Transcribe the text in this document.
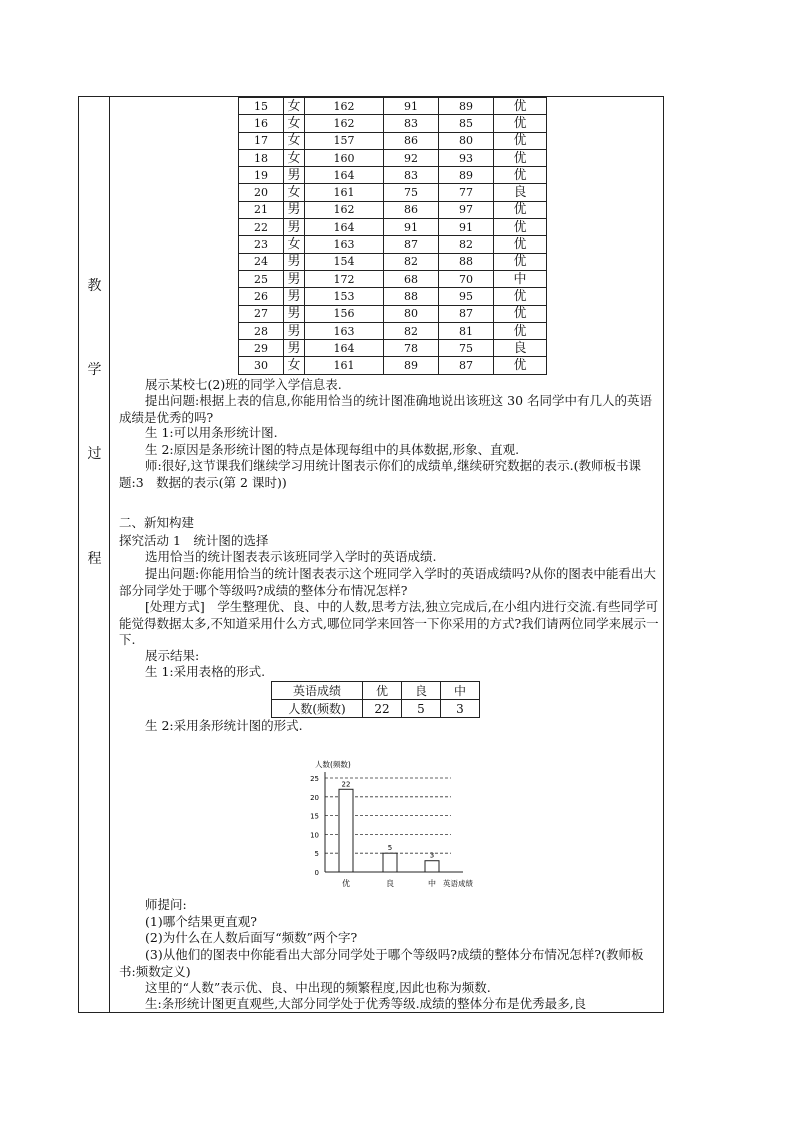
教
学
过
程
15	女	162	91	89	优
16	女	162	83	85	优
17	女	157	86	80	优
18	女	160	92	93	优
19	男	164	83	89	优
20	女	161	75	77	良
21	男	162	86	97	优
22	男	164	91	91	优
23	女	163	87	82	优
24	男	154	82	88	优
25	男	172	68	70	中
26	男	153	88	95	优
27	男	156	80	87	优
28	男	163	82	81	优
29	男	164	78	75	良
30	女	161	89	87	优
展示某校七(2)班的同学入学信息表.
提出问题:根据上表的信息,你能用恰当的统计图准确地说出该班这 30 名同学中有几人的英语成绩是优秀的吗?
生 1:可以用条形统计图.
生 2:原因是条形统计图的特点是体现每组中的具体数据,形象、直观.
师:很好,这节课我们继续学习用统计图表示你们的成绩单,继续研究数据的表示.(教师板书课题:3　数据的表示(第 2 课时))
二、新知构建
探究活动 1　统计图的选择
选用恰当的统计图表表示该班同学入学时的英语成绩.
提出问题:你能用恰当的统计图表表示这个班同学入学时的英语成绩吗?从你的图表中能看出大部分同学处于哪个等级吗?成绩的整体分布情况怎样?
[处理方式]　学生整理优、良、中的人数,思考方法,独立完成后,在小组内进行交流.有些同学可能觉得数据太多,不知道采用什么方式,哪位同学来回答一下你采用的方式?我们请两位同学来展示一下.
展示结果:
生 1:采用表格的形式.
英语成绩	优	良	中
人数(频数)	22	5	3
生 2:采用条形统计图的形式.
0
5
10
15
20
25
人数(频数)
英语成绩
22
优
5
良
3
中
师提问:
(1)哪个结果更直观?
(2)为什么在人数后面写“频数”两个字?
(3)从他们的图表中你能看出大部分同学处于哪个等级吗?成绩的整体分布情况怎样?(教师板书:频数定义)
这里的“人数”表示优、良、中出现的频繁程度,因此也称为频数.
生:条形统计图更直观些,大部分同学处于优秀等级.成绩的整体分布是优秀最多,良
